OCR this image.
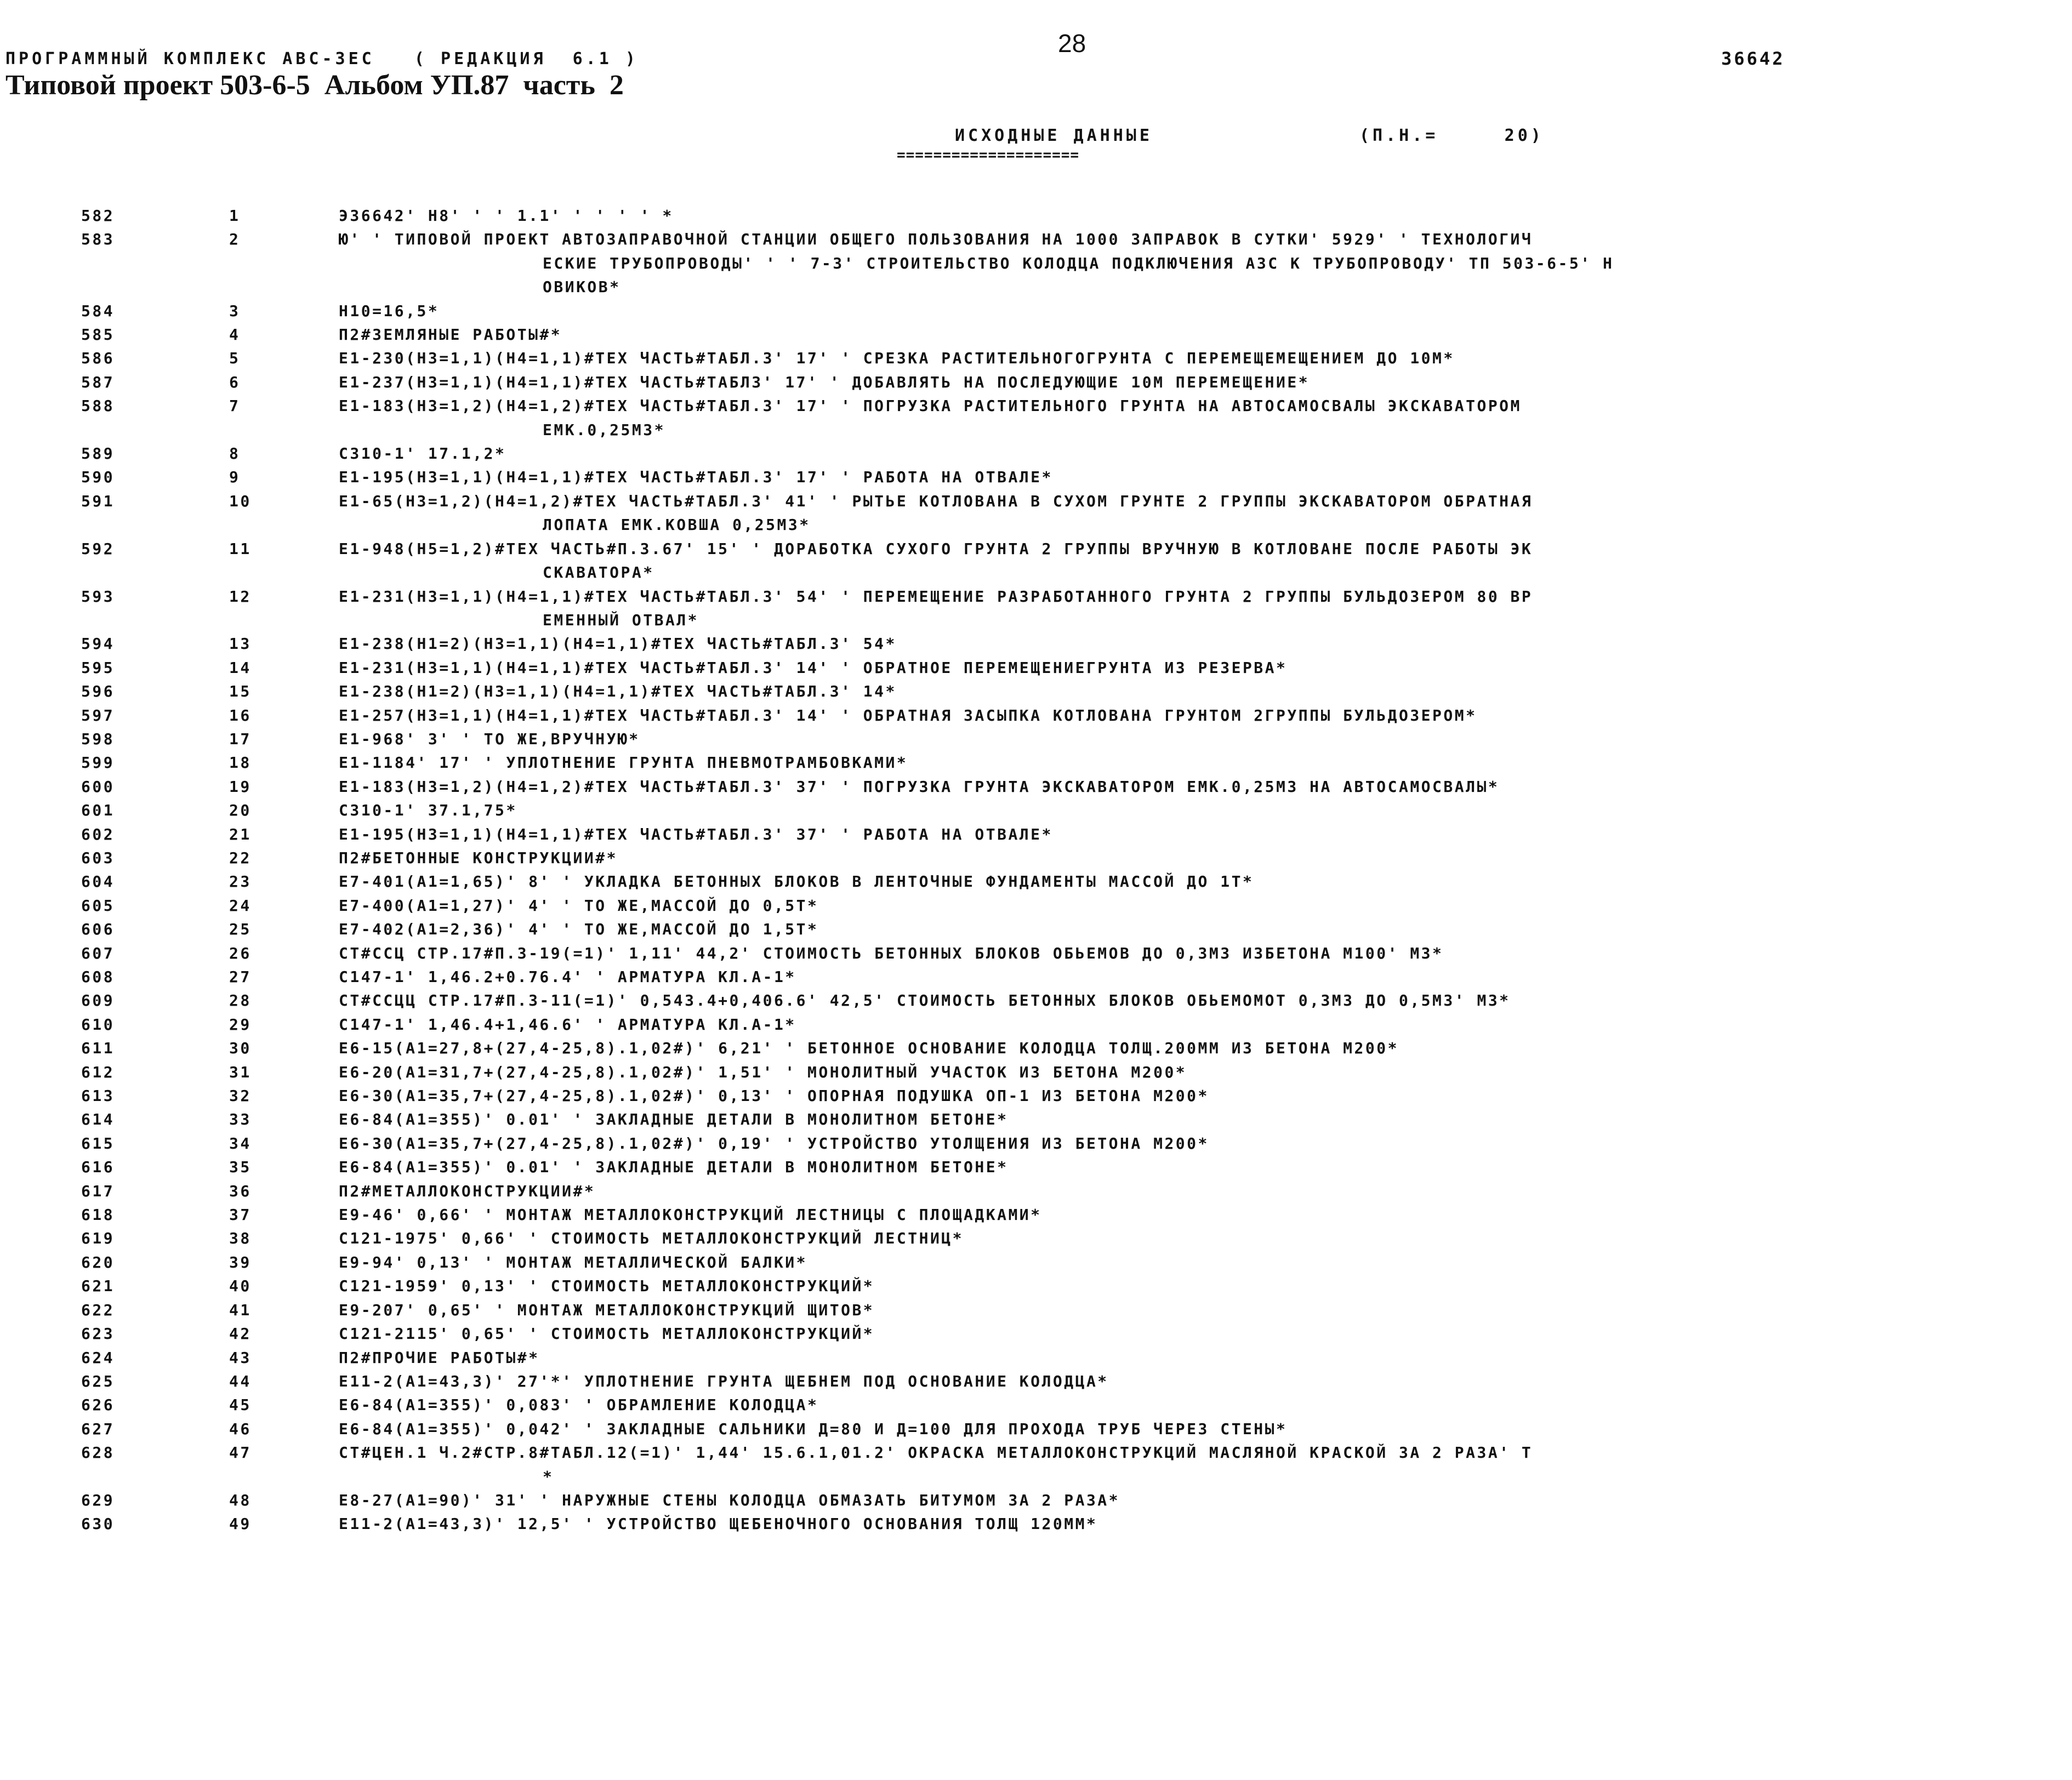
28
ПРОГРАММНЫЙ КОМПЛЕКС АВС-3ЕС   ( РЕДАКЦИЯ  6.1 )
Типовой проект 503-6-5  Альбом УП.87  часть  2
36642
ИСХОДНЫЕ ДАННЫЕ
====================
(П.Н.=     20)
582	1	Э36642' Н8' ' ' 1.1' ' ' ' ' *
583	2	Ю' ' ТИПОВОЙ ПРОЕКТ АВТОЗАПРАВОЧНОЙ СТАНЦИИ ОБЩЕГО ПОЛЬЗОВАНИЯ НА 1000 ЗАПРАВОК В СУТКИ' 5929' ' ТЕХНОЛОГИЧ
ЕСКИЕ ТРУБОПРОВОДЫ' ' ' 7-3' СТРОИТЕЛЬСТВО КОЛОДЦА ПОДКЛЮЧЕНИЯ АЗС К ТРУБОПРОВОДУ' ТП 503-6-5' Н
ОВИКОВ*
584	3	Н10=16,5*
585	4	П2#ЗЕМЛЯНЫЕ РАБОТЫ#*
586	5	Е1-230(Н3=1,1)(Н4=1,1)#ТЕХ ЧАСТЬ#ТАБЛ.3' 17' ' СРЕЗКА РАСТИТЕЛЬНОГОГРУНТА С ПЕРЕМЕЩЕМЕЩЕНИЕМ ДО 10М*
587	6	Е1-237(Н3=1,1)(Н4=1,1)#ТЕХ ЧАСТЬ#ТАБЛ3' 17' ' ДОБАВЛЯТЬ НА ПОСЛЕДУЮЩИЕ 10М ПЕРЕМЕЩЕНИЕ*
588	7	Е1-183(Н3=1,2)(Н4=1,2)#ТЕХ ЧАСТЬ#ТАБЛ.3' 17' ' ПОГРУЗКА РАСТИТЕЛЬНОГО ГРУНТА НА АВТОСАМОСВАЛЫ ЭКСКАВАТОРОМ
ЕМК.0,25М3*
589	8	С310-1' 17.1,2*
590	9	Е1-195(Н3=1,1)(Н4=1,1)#ТЕХ ЧАСТЬ#ТАБЛ.3' 17' ' РАБОТА НА ОТВАЛЕ*
591	10	Е1-65(Н3=1,2)(Н4=1,2)#ТЕХ ЧАСТЬ#ТАБЛ.3' 41' ' РЫТЬЕ КОТЛОВАНА В СУХОМ ГРУНТЕ 2 ГРУППЫ ЭКСКАВАТОРОМ ОБРАТНАЯ
ЛОПАТА ЕМК.КОВША 0,25М3*
592	11	Е1-948(Н5=1,2)#ТЕХ ЧАСТЬ#П.3.67' 15' ' ДОРАБОТКА СУХОГО ГРУНТА 2 ГРУППЫ ВРУЧНУЮ В КОТЛОВАНЕ ПОСЛЕ РАБОТЫ ЭК
СКАВАТОРА*
593	12	Е1-231(Н3=1,1)(Н4=1,1)#ТЕХ ЧАСТЬ#ТАБЛ.3' 54' ' ПЕРЕМЕЩЕНИЕ РАЗРАБОТАННОГО ГРУНТА 2 ГРУППЫ БУЛЬДОЗЕРОМ 80 ВР
ЕМЕННЫЙ ОТВАЛ*
594	13	Е1-238(Н1=2)(Н3=1,1)(Н4=1,1)#ТЕХ ЧАСТЬ#ТАБЛ.3' 54*
595	14	Е1-231(Н3=1,1)(Н4=1,1)#ТЕХ ЧАСТЬ#ТАБЛ.3' 14' ' ОБРАТНОЕ ПЕРЕМЕЩЕНИЕГРУНТА ИЗ РЕЗЕРВА*
596	15	Е1-238(Н1=2)(Н3=1,1)(Н4=1,1)#ТЕХ ЧАСТЬ#ТАБЛ.3' 14*
597	16	Е1-257(Н3=1,1)(Н4=1,1)#ТЕХ ЧАСТЬ#ТАБЛ.3' 14' ' ОБРАТНАЯ ЗАСЫПКА КОТЛОВАНА ГРУНТОМ 2ГРУППЫ БУЛЬДОЗЕРОМ*
598	17	Е1-968' 3' ' ТО ЖЕ,ВРУЧНУЮ*
599	18	Е1-1184' 17' ' УПЛОТНЕНИЕ ГРУНТА ПНЕВМОТРАМБОВКАМИ*
600	19	Е1-183(Н3=1,2)(Н4=1,2)#ТЕХ ЧАСТЬ#ТАБЛ.3' 37' ' ПОГРУЗКА ГРУНТА ЭКСКАВАТОРОМ ЕМК.0,25М3 НА АВТОСАМОСВАЛЫ*
601	20	С310-1' 37.1,75*
602	21	Е1-195(Н3=1,1)(Н4=1,1)#ТЕХ ЧАСТЬ#ТАБЛ.3' 37' ' РАБОТА НА ОТВАЛЕ*
603	22	П2#БЕТОННЫЕ КОНСТРУКЦИИ#*
604	23	Е7-401(А1=1,65)' 8' ' УКЛАДКА БЕТОННЫХ БЛОКОВ В ЛЕНТОЧНЫЕ ФУНДАМЕНТЫ МАССОЙ ДО 1Т*
605	24	Е7-400(А1=1,27)' 4' ' ТО ЖЕ,МАССОЙ ДО 0,5Т*
606	25	Е7-402(А1=2,36)' 4' ' ТО ЖЕ,МАССОЙ ДО 1,5Т*
607	26	СТ#ССЦ СТР.17#П.3-19(=1)' 1,11' 44,2' СТОИМОСТЬ БЕТОННЫХ БЛОКОВ ОБЬЕМОВ ДО 0,3М3 ИЗБЕТОНА М100' М3*
608	27	С147-1' 1,46.2+0.76.4' ' АРМАТУРА КЛ.А-1*
609	28	СТ#ССЦЦ СТР.17#П.3-11(=1)' 0,543.4+0,406.6' 42,5' СТОИМОСТЬ БЕТОННЫХ БЛОКОВ ОБЬЕМОМОТ 0,3М3 ДО 0,5М3' М3*
610	29	С147-1' 1,46.4+1,46.6' ' АРМАТУРА КЛ.А-1*
611	30	Е6-15(А1=27,8+(27,4-25,8).1,02#)' 6,21' ' БЕТОННОЕ ОСНОВАНИЕ КОЛОДЦА ТОЛЩ.200ММ ИЗ БЕТОНА М200*
612	31	Е6-20(А1=31,7+(27,4-25,8).1,02#)' 1,51' ' МОНОЛИТНЫЙ УЧАСТОК ИЗ БЕТОНА М200*
613	32	Е6-30(А1=35,7+(27,4-25,8).1,02#)' 0,13' ' ОПОРНАЯ ПОДУШКА ОП-1 ИЗ БЕТОНА М200*
614	33	Е6-84(А1=355)' 0.01' ' ЗАКЛАДНЫЕ ДЕТАЛИ В МОНОЛИТНОМ БЕТОНЕ*
615	34	Е6-30(А1=35,7+(27,4-25,8).1,02#)' 0,19' ' УСТРОЙСТВО УТОЛЩЕНИЯ ИЗ БЕТОНА М200*
616	35	Е6-84(А1=355)' 0.01' ' ЗАКЛАДНЫЕ ДЕТАЛИ В МОНОЛИТНОМ БЕТОНЕ*
617	36	П2#МЕТАЛЛОКОНСТРУКЦИИ#*
618	37	Е9-46' 0,66' ' МОНТАЖ МЕТАЛЛОКОНСТРУКЦИЙ ЛЕСТНИЦЫ С ПЛОЩАДКАМИ*
619	38	С121-1975' 0,66' ' СТОИМОСТЬ МЕТАЛЛОКОНСТРУКЦИЙ ЛЕСТНИЦ*
620	39	Е9-94' 0,13' ' МОНТАЖ МЕТАЛЛИЧЕСКОЙ БАЛКИ*
621	40	С121-1959' 0,13' ' СТОИМОСТЬ МЕТАЛЛОКОНСТРУКЦИЙ*
622	41	Е9-207' 0,65' ' МОНТАЖ МЕТАЛЛОКОНСТРУКЦИЙ ЩИТОВ*
623	42	С121-2115' 0,65' ' СТОИМОСТЬ МЕТАЛЛОКОНСТРУКЦИЙ*
624	43	П2#ПРОЧИЕ РАБОТЫ#*
625	44	Е11-2(А1=43,3)' 27'*' УПЛОТНЕНИЕ ГРУНТА ЩЕБНЕМ ПОД ОСНОВАНИЕ КОЛОДЦА*
626	45	Е6-84(А1=355)' 0,083' ' ОБРАМЛЕНИЕ КОЛОДЦА*
627	46	Е6-84(А1=355)' 0,042' ' ЗАКЛАДНЫЕ САЛЬНИКИ Д=80 И Д=100 ДЛЯ ПРОХОДА ТРУБ ЧЕРЕЗ СТЕНЫ*
628	47	СТ#ЦЕН.1 Ч.2#СТР.8#ТАБЛ.12(=1)' 1,44' 15.6.1,01.2' ОКРАСКА МЕТАЛЛОКОНСТРУКЦИЙ МАСЛЯНОЙ КРАСКОЙ ЗА 2 РАЗА' Т
*
629	48	Е8-27(А1=90)' 31' ' НАРУЖНЫЕ СТЕНЫ КОЛОДЦА ОБМАЗАТЬ БИТУМОМ ЗА 2 РАЗА*
630	49	Е11-2(А1=43,3)' 12,5' ' УСТРОЙСТВО ЩЕБЕНОЧНОГО ОСНОВАНИЯ ТОЛЩ 120ММ*
